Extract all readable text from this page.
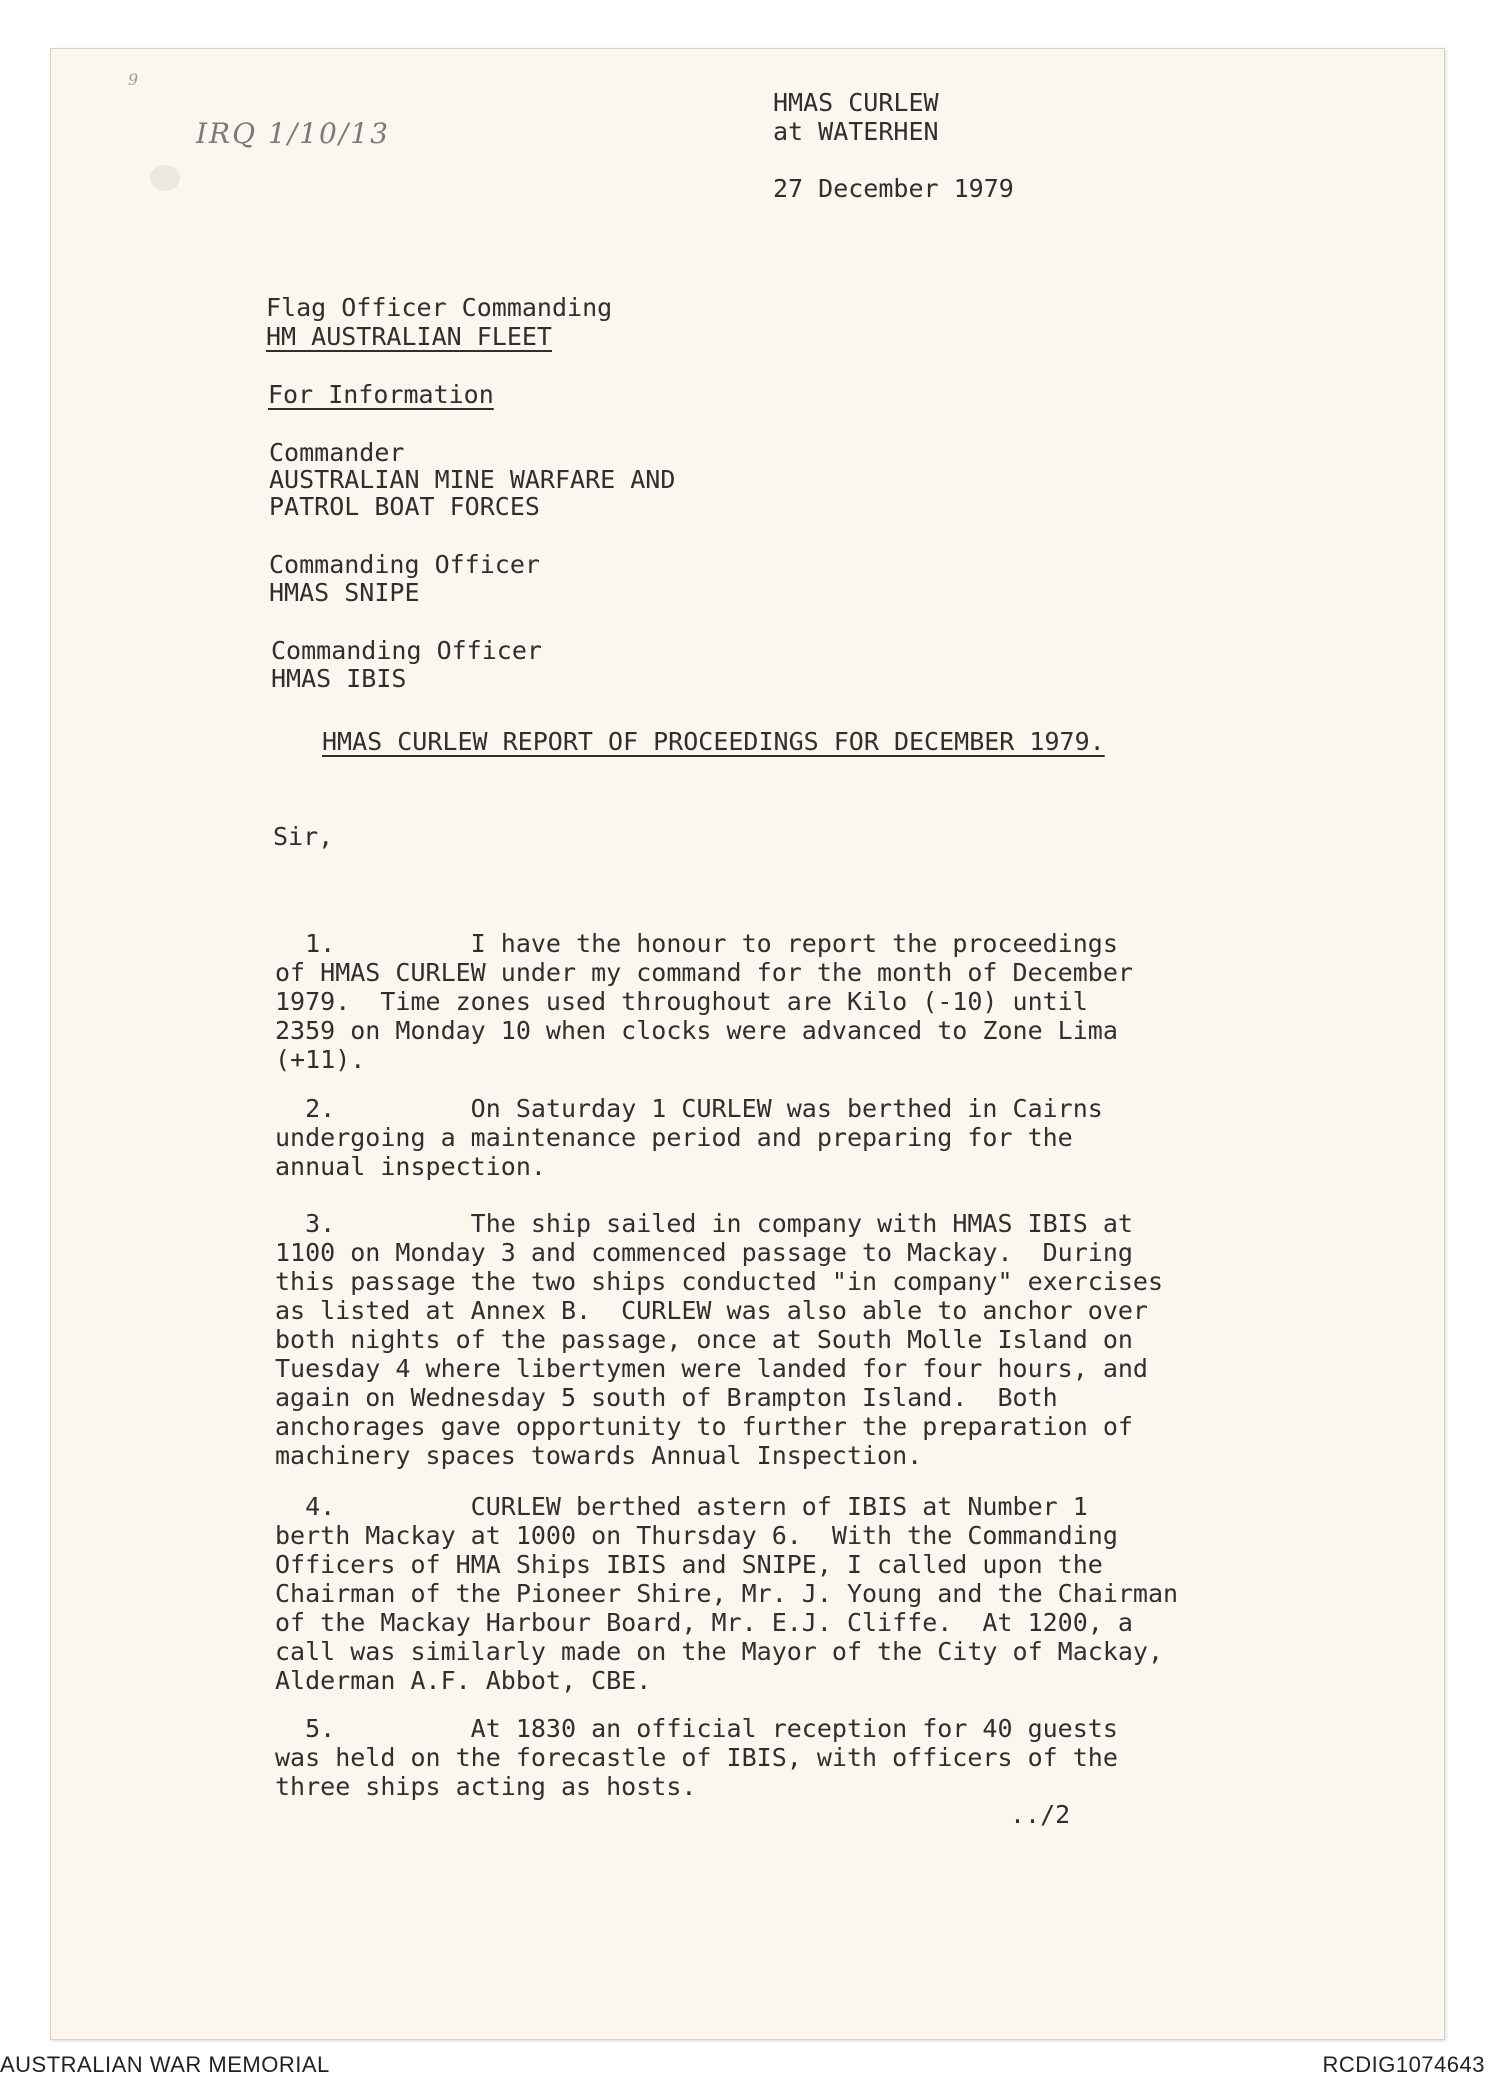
9
IRQ 1/10/13
HMAS CURLEW
at WATERHEN
27 December 1979
Flag Officer Commanding
HM AUSTRALIAN FLEET
For Information
Commander
AUSTRALIAN MINE WARFARE AND
PATROL BOAT FORCES
Commanding Officer
HMAS SNIPE
Commanding Officer
HMAS IBIS
HMAS CURLEW REPORT OF PROCEEDINGS FOR DECEMBER 1979.
Sir,

1.	I have the honour to report the proceedings
of HMAS CURLEW under my command for the month of December
1979.  Time zones used throughout are Kilo (-10) until
2359 on Monday 10 when clocks were advanced to Zone Lima
(+11).

2.	On Saturday 1 CURLEW was berthed in Cairns
undergoing a maintenance period and preparing for the
annual inspection.

3.	The ship sailed in company with HMAS IBIS at
1100 on Monday 3 and commenced passage to Mackay.  During
this passage the two ships conducted "in company" exercises
as listed at Annex B.  CURLEW was also able to anchor over
both nights of the passage, once at South Molle Island on
Tuesday 4 where libertymen were landed for four hours, and
again on Wednesday 5 south of Brampton Island.  Both
anchorages gave opportunity to further the preparation of
machinery spaces towards Annual Inspection.

4.	CURLEW berthed astern of IBIS at Number 1
berth Mackay at 1000 on Thursday 6.  With the Commanding
Officers of HMA Ships IBIS and SNIPE, I called upon the
Chairman of the Pioneer Shire, Mr. J. Young and the Chairman
of the Mackay Harbour Board, Mr. E.J. Cliffe.  At 1200, a
call was similarly made on the Mayor of the City of Mackay,
Alderman A.F. Abbot, CBE.

5.	At 1830 an official reception for 40 guests
was held on the forecastle of IBIS, with officers of the
three ships acting as hosts.

../2
AUSTRALIAN WAR MEMORIAL	RCDIG1074643
